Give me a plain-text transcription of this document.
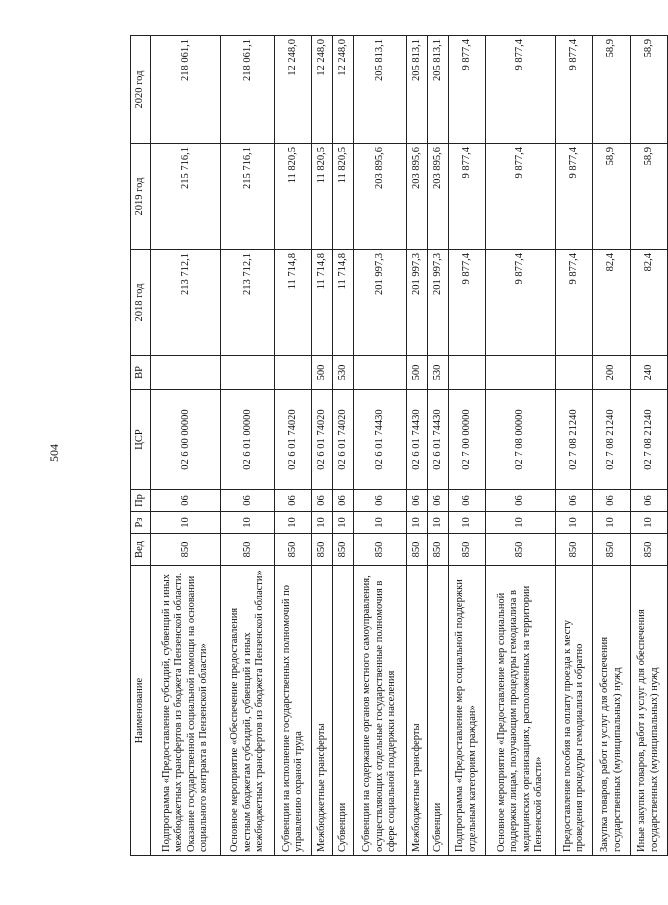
504
Наименование	Вед	Рз	Пр	ЦСР	ВР	2018 год	2019 год	2020 год
Подпрограмма «Предоставление субсидий, субвенций и иных межбюджетных трансфертов из бюджета Пензенской области. Оказание государственной социальной помощи на основании социального контракта в Пензенской области»	850	10	06	02 6 00 00000		213 712,1	215 716,1	218 061,1
Основное мероприятие «Обеспечение предоставления местным бюджетам субсидий, субвенций и иных межбюджетных трансфертов из бюджета Пензенской области»	850	10	06	02 6 01 00000		213 712,1	215 716,1	218 061,1
Субвенции на исполнение государственных полномочий по управлению охраной труда	850	10	06	02 6 01 74020		11 714,8	11 820,5	12 248,0
Межбюджетные трансферты	850	10	06	02 6 01 74020	500	11 714,8	11 820,5	12 248,0
Субвенции	850	10	06	02 6 01 74020	530	11 714,8	11 820,5	12 248,0
Субвенции на содержание органов местного самоуправления, осуществляющих отдельные государственные полномочия в сфере социальной поддержки населения	850	10	06	02 6 01 74430		201 997,3	203 895,6	205 813,1
Межбюджетные трансферты	850	10	06	02 6 01 74430	500	201 997,3	203 895,6	205 813,1
Субвенции	850	10	06	02 6 01 74430	530	201 997,3	203 895,6	205 813,1
Подпрограмма «Предоставление мер социальной поддержки отдельным категориям граждан»	850	10	06	02 7 00 00000		9 877,4	9 877,4	9 877,4
Основное мероприятие «Предоставление мер социальной поддержки лицам, получающим процедуры гемодиализа в медицинских организациях, расположенных на территории Пензенской области»	850	10	06	02 7 08 00000		9 877,4	9 877,4	9 877,4
Предоставление пособия на оплату проезда к месту проведения процедуры гемодиализа и обратно	850	10	06	02 7 08 21240		9 877,4	9 877,4	9 877,4
Закупка товаров, работ и услуг для обеспечения государственных (муниципальных) нужд	850	10	06	02 7 08 21240	200	82,4	58,9	58,9
Иные закупки товаров, работ и услуг для обеспечения государственных (муниципальных) нужд	850	10	06	02 7 08 21240	240	82,4	58,9	58,9
